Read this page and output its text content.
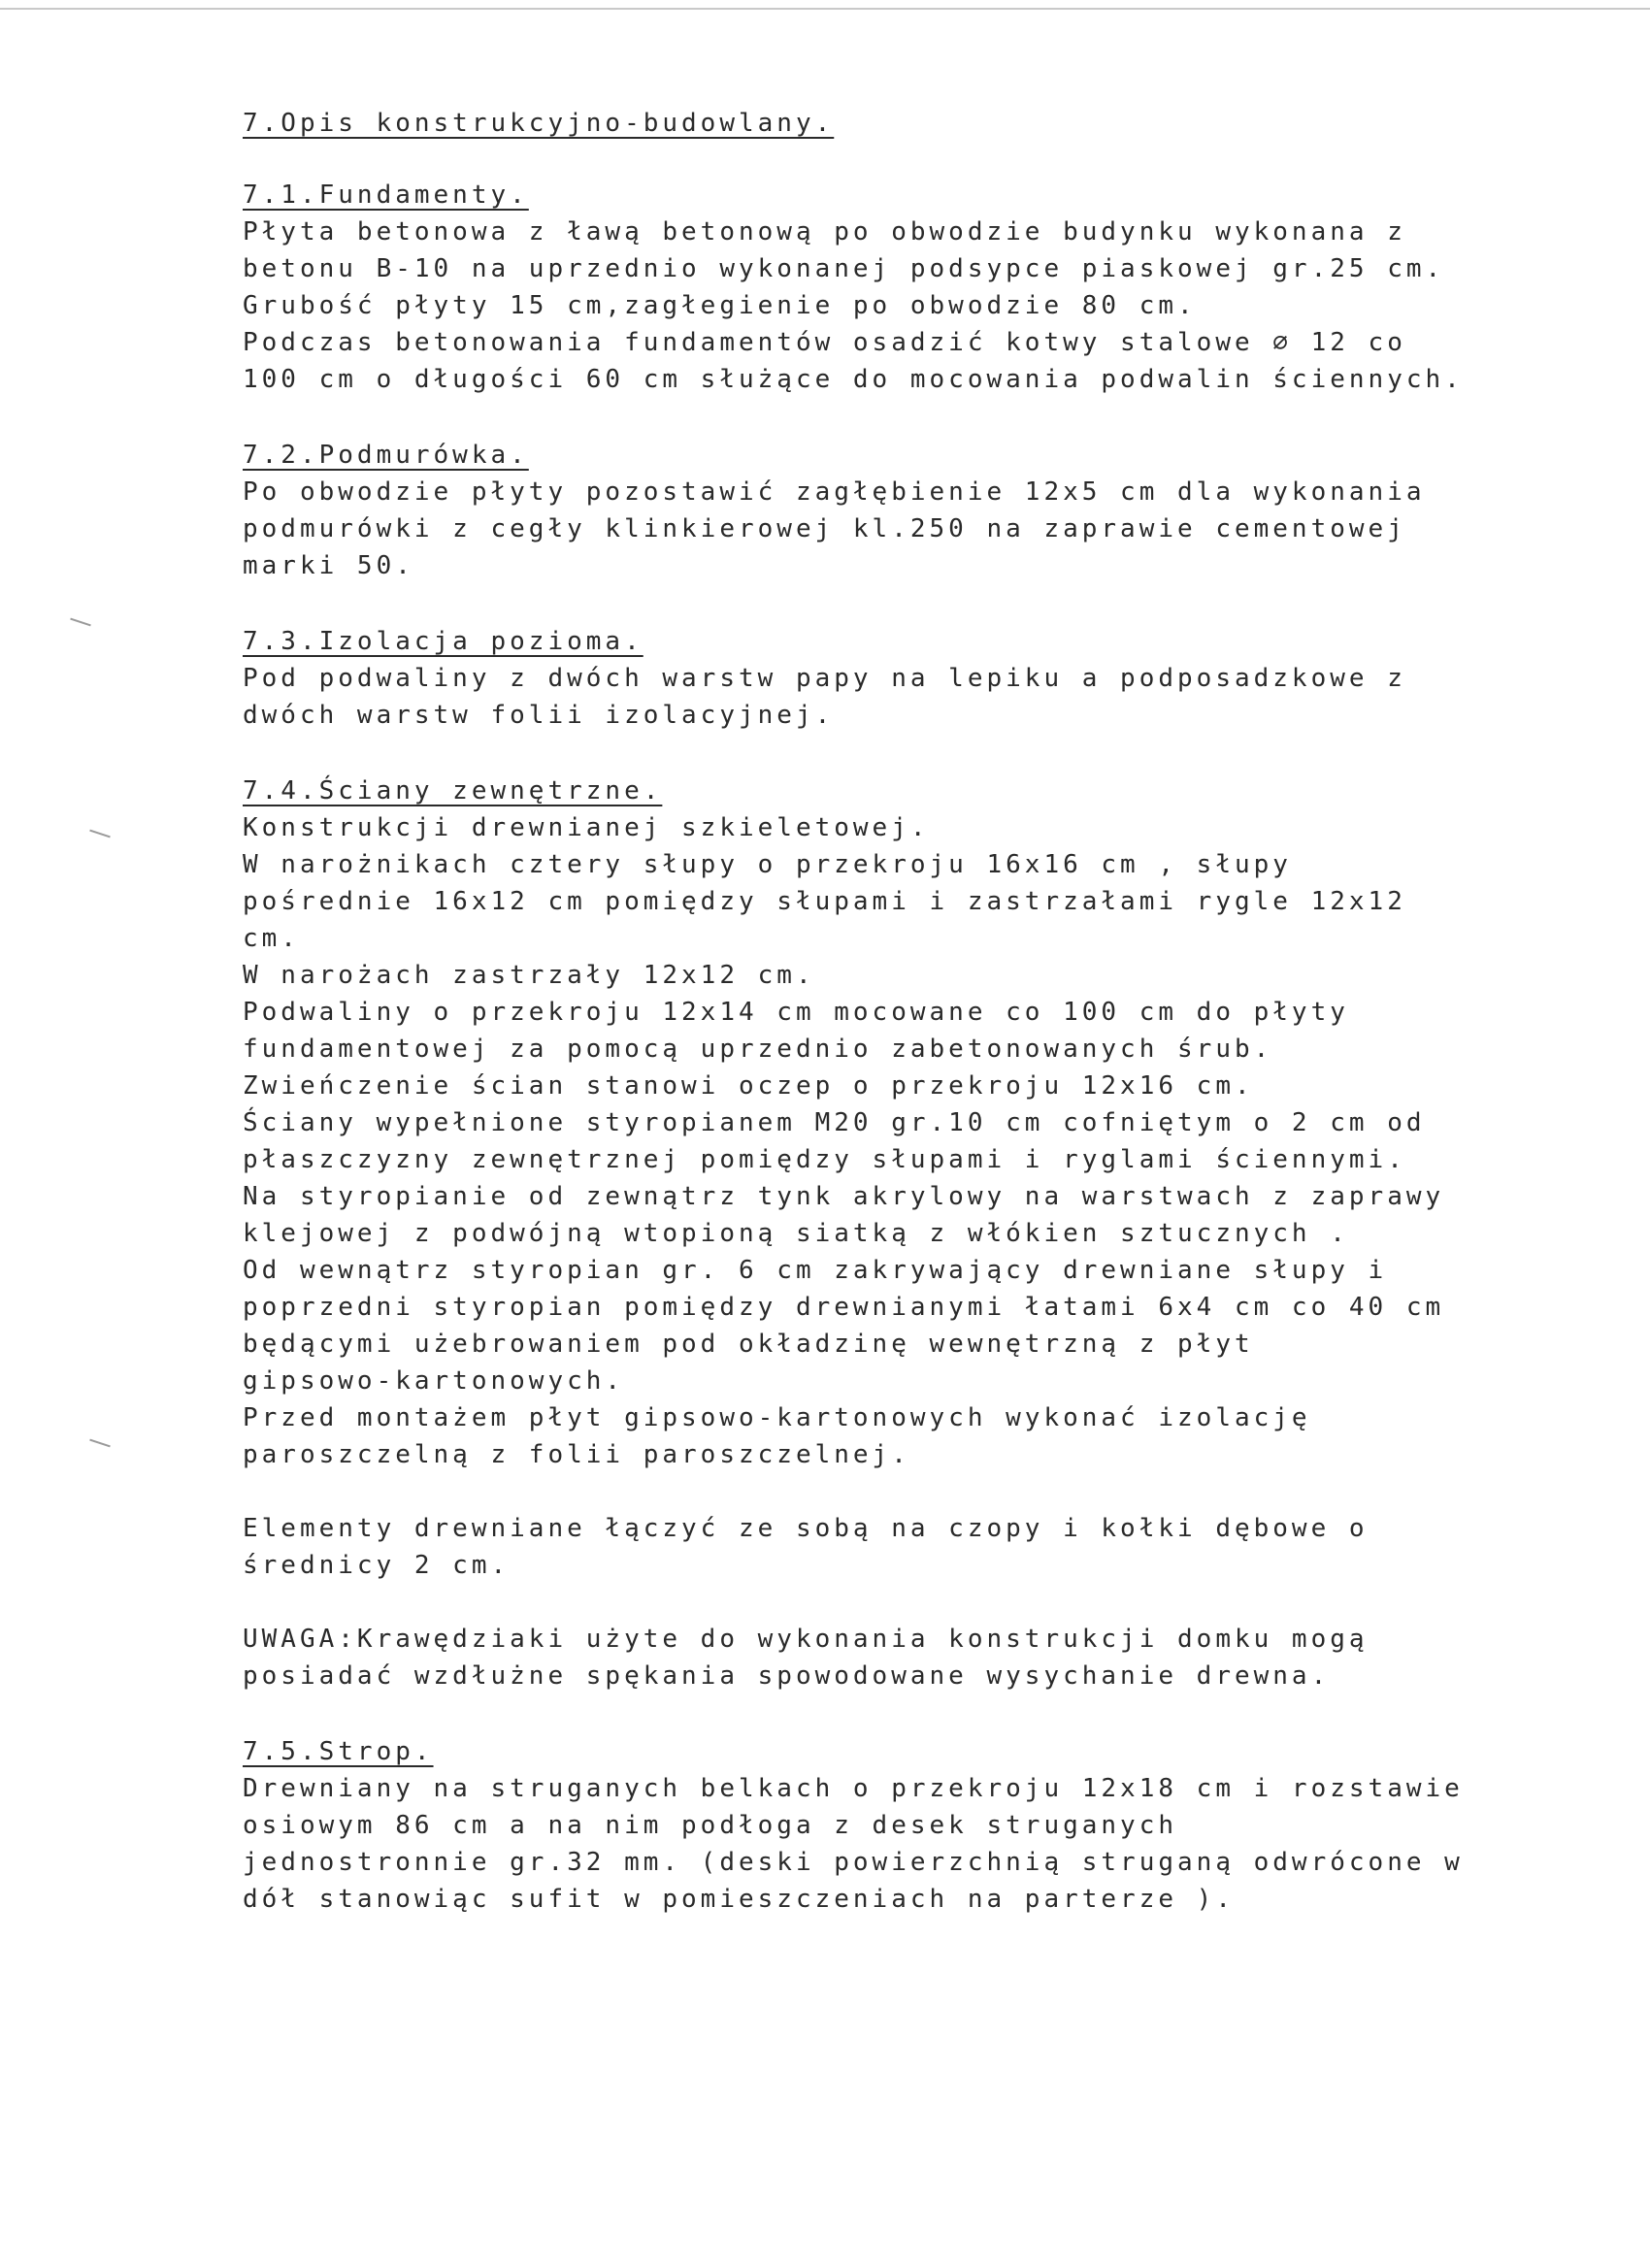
7.Opis konstrukcyjno-budowlany.
7.1.Fundamenty.
Płyta betonowa z ławą betonową po obwodzie budynku wykonana z
betonu B-10 na uprzednio wykonanej podsypce piaskowej gr.25 cm.
Grubość płyty 15 cm,zagłegienie po obwodzie 80 cm.
Podczas betonowania fundamentów osadzić kotwy stalowe ∅ 12 co
100 cm o długości 60 cm służące do mocowania podwalin ściennych.
7.2.Podmurówka.
Po obwodzie płyty pozostawić zagłębienie 12x5 cm dla wykonania
podmurówki z cegły klinkierowej kl.250 na zaprawie cementowej
marki 50.
7.3.Izolacja pozioma.
Pod podwaliny z dwóch warstw papy na lepiku a podposadzkowe z
dwóch warstw folii izolacyjnej.
7.4.Ściany zewnętrzne.
Konstrukcji drewnianej szkieletowej.
W narożnikach cztery słupy o przekroju 16x16 cm , słupy
pośrednie 16x12 cm pomiędzy słupami i zastrzałami rygle 12x12
cm.
W narożach zastrzały 12x12 cm.
Podwaliny o przekroju 12x14 cm mocowane co 100 cm do płyty
fundamentowej za pomocą uprzednio zabetonowanych śrub.
Zwieńczenie ścian stanowi oczep o przekroju 12x16 cm.
Ściany wypełnione styropianem M20 gr.10 cm cofniętym o 2 cm od
płaszczyzny zewnętrznej pomiędzy słupami i ryglami ściennymi.
Na styropianie od zewnątrz tynk akrylowy na warstwach z zaprawy
klejowej z podwójną wtopioną siatką z włókien sztucznych .
Od wewnątrz styropian gr. 6 cm zakrywający drewniane słupy i
poprzedni styropian pomiędzy drewnianymi łatami 6x4 cm co 40 cm
będącymi użebrowaniem pod okładzinę wewnętrzną z płyt
gipsowo-kartonowych.
Przed montażem płyt gipsowo-kartonowych wykonać izolację
paroszczelną z folii paroszczelnej.
Elementy drewniane łączyć ze sobą na czopy i kołki dębowe o
średnicy 2 cm.
UWAGA:Krawędziaki użyte do wykonania konstrukcji domku mogą
posiadać wzdłużne spękania spowodowane wysychanie drewna.
7.5.Strop.
Drewniany na struganych belkach o przekroju 12x18 cm i rozstawie
osiowym 86 cm a na nim podłoga z desek struganych
jednostronnie gr.32 mm. (deski powierzchnią struganą odwrócone w
dół stanowiąc sufit w pomieszczeniach na parterze ).
